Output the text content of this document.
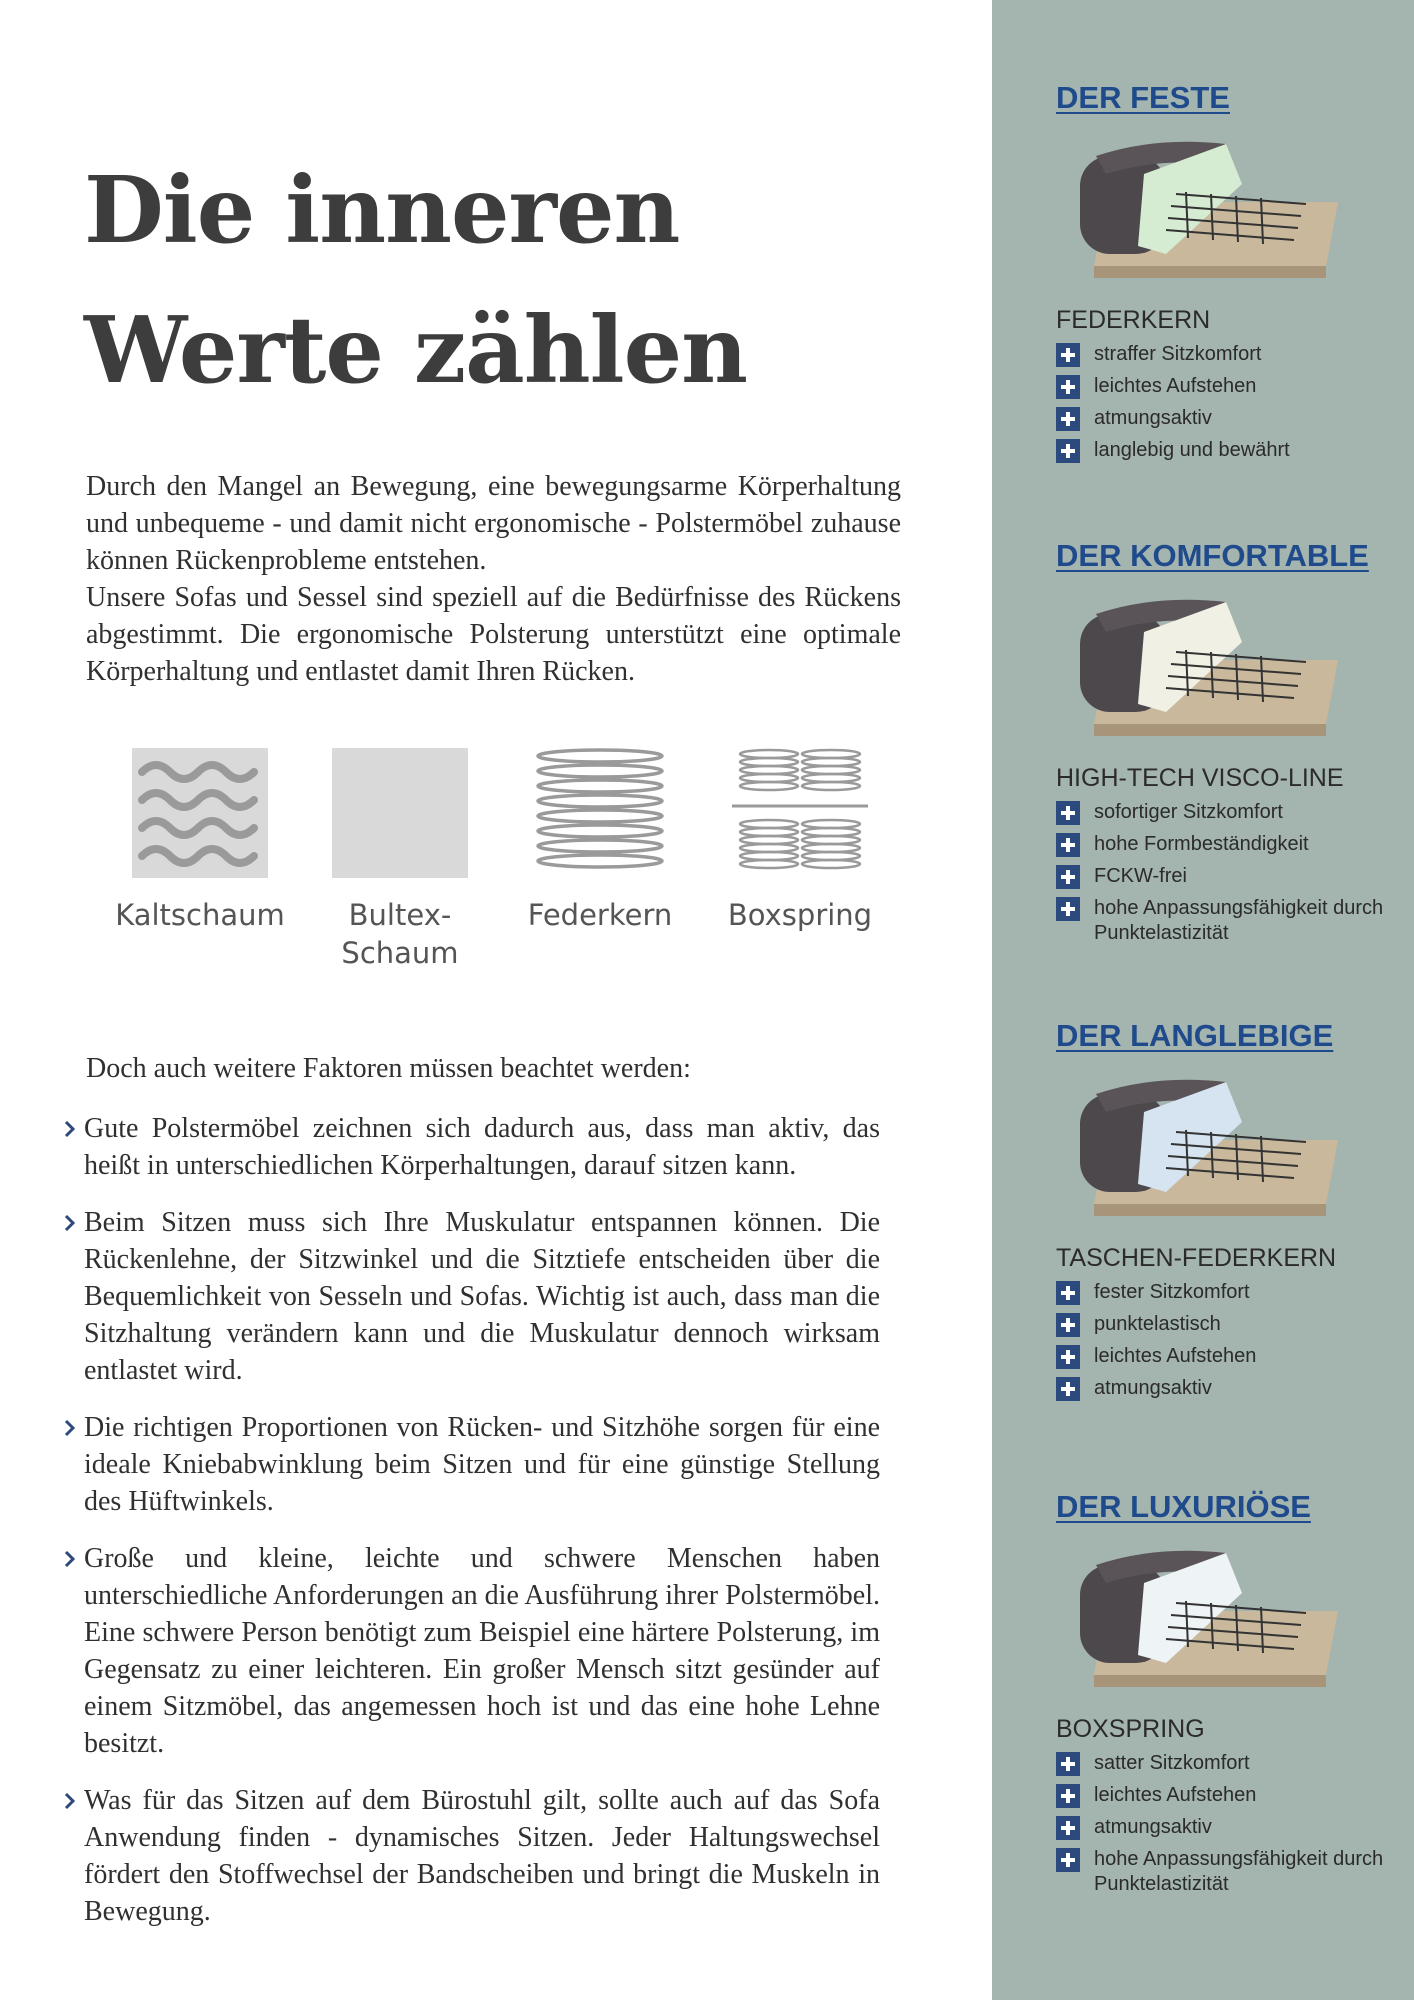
Die inneren
Werte zählen

Durch den Mangel an Bewegung, eine bewegungsarme Körperhaltung und unbequeme - und damit nicht ergonomische - Polstermöbel zuhause können Rückenprobleme entstehen.

Unsere Sofas und Sessel sind speziell auf die Bedürfnisse des Rückens abgestimmt. Die ergonomische Polsterung unterstützt eine optimale Körperhaltung und entlastet damit Ihren Rücken.

Kaltschaum	Bultex-
Schaum
Federkern	Boxspring

Doch auch weitere Faktoren müssen beachtet werden:

Gute Polstermöbel zeichnen sich dadurch aus, dass man aktiv, das heißt in unterschiedlichen Körperhaltungen, darauf sitzen kann.
Beim Sitzen muss sich Ihre Muskulatur entspannen können. Die Rückenlehne, der Sitzwinkel und die Sitztiefe entscheiden über die Bequemlichkeit von Sesseln und Sofas. Wichtig ist auch, dass man die Sitzhaltung verändern kann und die Muskulatur dennoch wirksam entlastet wird.
Die richtigen Proportionen von Rücken- und Sitzhöhe sorgen für eine ideale Kniebabwinklung beim Sitzen und für eine günstige Stellung des Hüftwinkels.
Große und kleine, leichte und schwere Menschen haben unterschiedliche Anforderungen an die Ausführung ihrer Polstermöbel. Eine schwere Person benötigt zum Beispiel eine härtere Polsterung, im Gegensatz zu einer leichteren. Ein großer Mensch sitzt gesünder auf einem Sitzmöbel, das angemessen hoch ist und das eine hohe Lehne besitzt.
Was für das Sitzen auf dem Bürostuhl gilt, sollte auch auf das Sofa Anwendung finden - dynamisches Sitzen. Jeder Haltungswechsel fördert den Stoffwechsel der Bandscheiben und bringt die Muskeln in Bewegung.
DER FESTE
FEDERKERN
straffer Sitzkomfort
leichtes Aufstehen
atmungsaktiv
langlebig und bewährt
DER KOMFORTABLE
HIGH-TECH VISCO-LINE
sofortiger Sitzkomfort
hohe Formbeständigkeit
FCKW-frei
hohe Anpassungsfähigkeit durch Punktelastizität
DER LANGLEBIGE
TASCHEN-FEDERKERN
fester Sitzkomfort
punktelastisch
leichtes Aufstehen
atmungsaktiv
DER LUXURIÖSE
BOXSPRING
satter Sitzkomfort
leichtes Aufstehen
atmungsaktiv
hohe Anpassungsfähigkeit durch Punktelastizität
